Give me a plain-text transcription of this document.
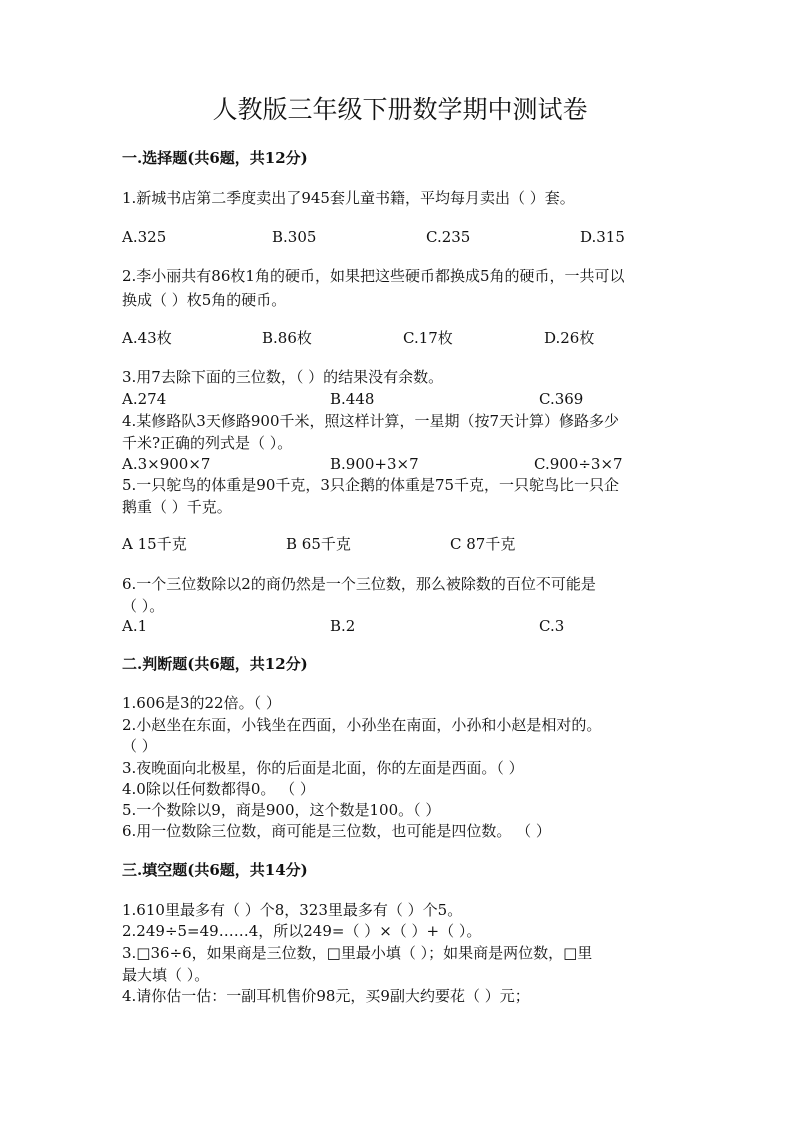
人教版三年级下册数学期中测试卷
一.选择题(共6题，共12分)
1.新城书店第二季度卖出了945套儿童书籍，平均每月卖出（ ）套。
A.325	B.305	C.235	D.315
2.李小丽共有86枚1角的硬币，如果把这些硬币都换成5角的硬币，一共可以
换成（ ）枚5角的硬币。
A.43枚	B.86枚	C.17枚	D.26枚
3.用7去除下面的三位数，（ ）的结果没有余数。
A.274	B.448	C.369
4.某修路队3天修路900千米，照这样计算，一星期（按7天计算）修路多少
千米?正确的列式是（ ）。
A.3×900×7	B.900+3×7	C.900÷3×7
5.一只鸵鸟的体重是90千克，3只企鹅的体重是75千克，一只鸵鸟比一只企
鹅重（ ）千克。
A 15千克	B 65千克	C 87千克
6.一个三位数除以2的商仍然是一个三位数，那么被除数的百位不可能是
（ ）。
A.1	B.2	C.3
二.判断题(共6题，共12分)
1.606是3的22倍。（ ）
2.小赵坐在东面，小钱坐在西面，小孙坐在南面，小孙和小赵是相对的。
（ ）
3.夜晚面向北极星，你的后面是北面，你的左面是西面。（ ）
4.0除以任何数都得0。 （ ）
5.一个数除以9，商是900，这个数是100。（ ）
6.用一位数除三位数，商可能是三位数，也可能是四位数。 （ ）
三.填空题(共6题，共14分)
1.610里最多有（ ）个8，323里最多有（ ）个5。
2.249÷5=49……4，所以249=（ ）×（ ）+（ ）。
3.□36÷6，如果商是三位数，□里最小填（ ）；如果商是两位数，□里
最大填（ ）。
4.请你估一估：一副耳机售价98元，买9副大约要花（ ）元；
